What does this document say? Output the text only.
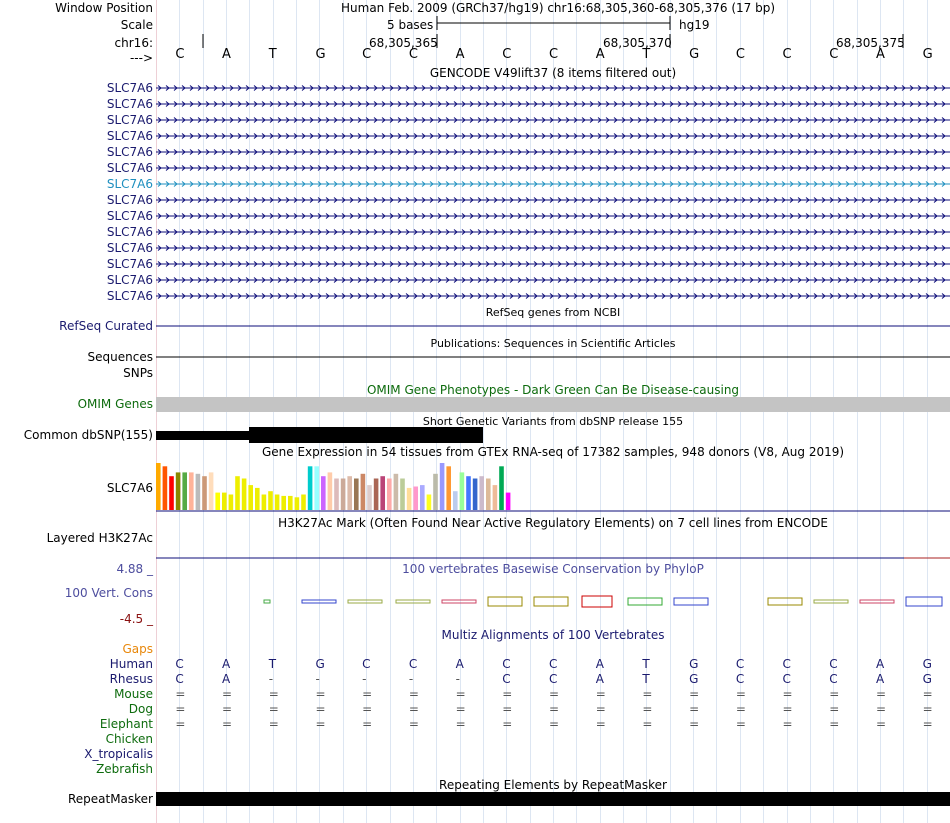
Window Position	Human Feb. 2009 (GRCh37/hg19) chr16:68,305,360-68,305,376 (17 bp)
Scale	5 bases	hg19
chr16:	68,305,365	68,305,370	68,305,375
---> C	A	T	G	C	C	A	C	C	A	T	G	C	C	C	A	G
GENCODE V49lift37 (8 items filtered out)
SLC7A6
SLC7A6
SLC7A6
SLC7A6
SLC7A6
SLC7A6
SLC7A6
SLC7A6
SLC7A6
SLC7A6
SLC7A6
SLC7A6
SLC7A6
SLC7A6
RefSeq genes from NCBI
RefSeq Curated
Publications: Sequences in Scientific Articles
Sequences
SNPs
OMIM Gene Phenotypes - Dark Green Can Be Disease-causing
OMIM Genes
Short Genetic Variants from dbSNP release 155
Common dbSNP(155)
Gene Expression in 54 tissues from GTEx RNA-seq of 17382 samples, 948 donors (V8, Aug 2019)
SLC7A6
H3K27Ac Mark (Often Found Near Active Regulatory Elements) on 7 cell lines from ENCODE
Layered H3K27Ac
100 vertebrates Basewise Conservation by PhyloP
4.88 _
100 Vert. Cons
-4.5 _
Multiz Alignments of 100 Vertebrates
Gaps
Human C	A	T	G	C	C	A	C	C	A	T	G	C	C	C	A	G
Rhesus C	A	-	-	-	-	-	C	C	A	T	G	C	C	C	A	G
Mouse =	=	=	=	=	=	=	=	=	=	=	=	=	=	=	=	=
Dog =	=	=	=	=	=	=	=	=	=	=	=	=	=	=	=	=
Elephant =	=	=	=	=	=	=	=	=	=	=	=	=	=	=	=	=
Chicken
X_tropicalis
Zebrafish
Repeating Elements by RepeatMasker
RepeatMasker
